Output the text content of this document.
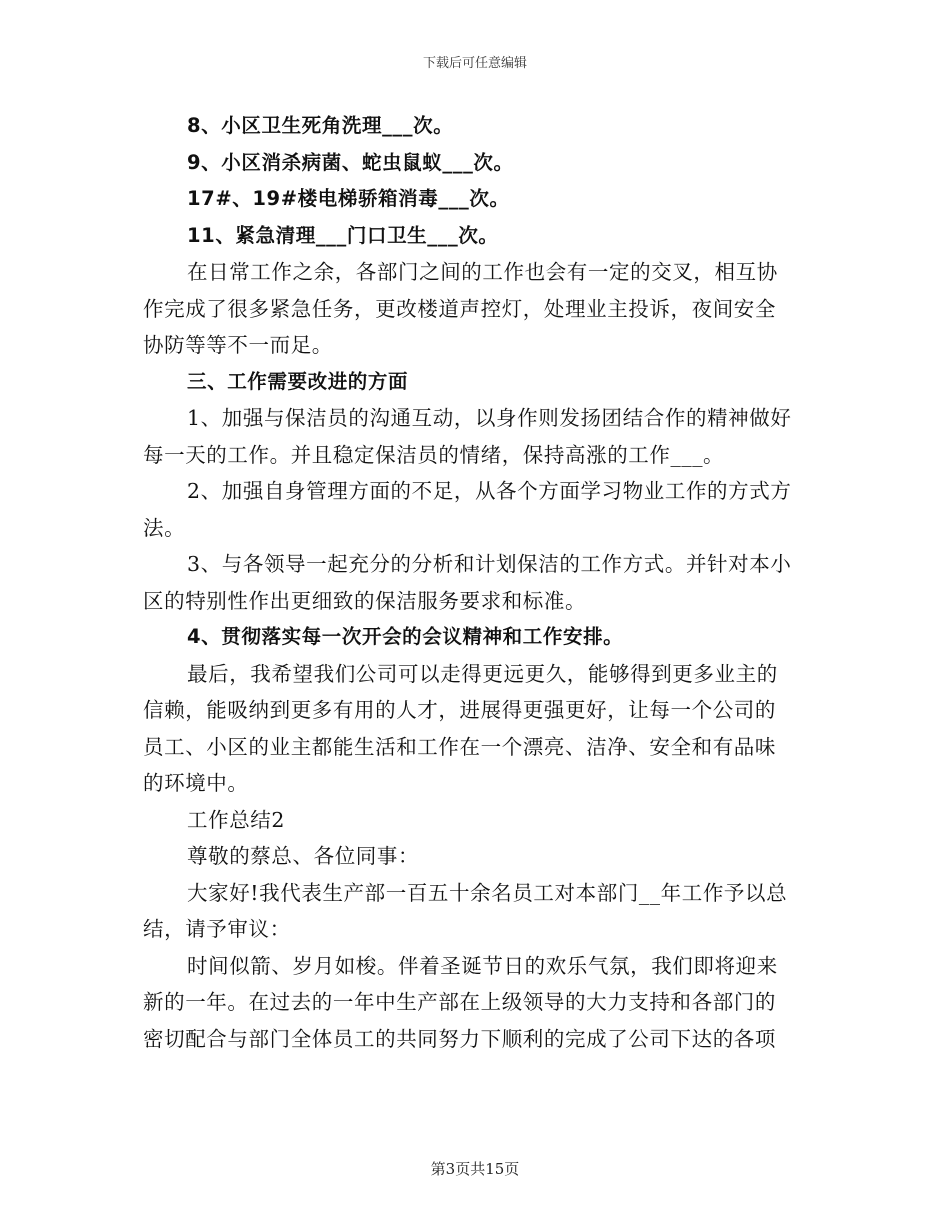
下载后可任意编辑
8、小区卫生死角洗理___次。
9、小区消杀病菌、蛇虫鼠蚁___次。
17#、19#楼电梯骄箱消毒___次。
11、紧急清理___门口卫生___次。
在日常工作之余，各部门之间的工作也会有一定的交叉，相互协
作完成了很多紧急任务，更改楼道声控灯，处理业主投诉，夜间安全
协防等等不一而足。
三、工作需要改进的方面
1、加强与保洁员的沟通互动，以身作则发扬团结合作的精神做好
每一天的工作。并且稳定保洁员的情绪，保持高涨的工作___。
2、加强自身管理方面的不足，从各个方面学习物业工作的方式方
法。
3、与各领导一起充分的分析和计划保洁的工作方式。并针对本小
区的特别性作出更细致的保洁服务要求和标准。
4、贯彻落实每一次开会的会议精神和工作安排。
最后，我希望我们公司可以走得更远更久，能够得到更多业主的
信赖，能吸纳到更多有用的人才，进展得更强更好，让每一个公司的
员工、小区的业主都能生活和工作在一个漂亮、洁净、安全和有品味
的环境中。
工作总结2
尊敬的蔡总、各位同事：
大家好!我代表生产部一百五十余名员工对本部门__年工作予以总
结，请予审议：
时间似箭、岁月如梭。伴着圣诞节日的欢乐气氛，我们即将迎来
新的一年。在过去的一年中生产部在上级领导的大力支持和各部门的
密切配合与部门全体员工的共同努力下顺利的完成了公司下达的各项
第3页共15页
